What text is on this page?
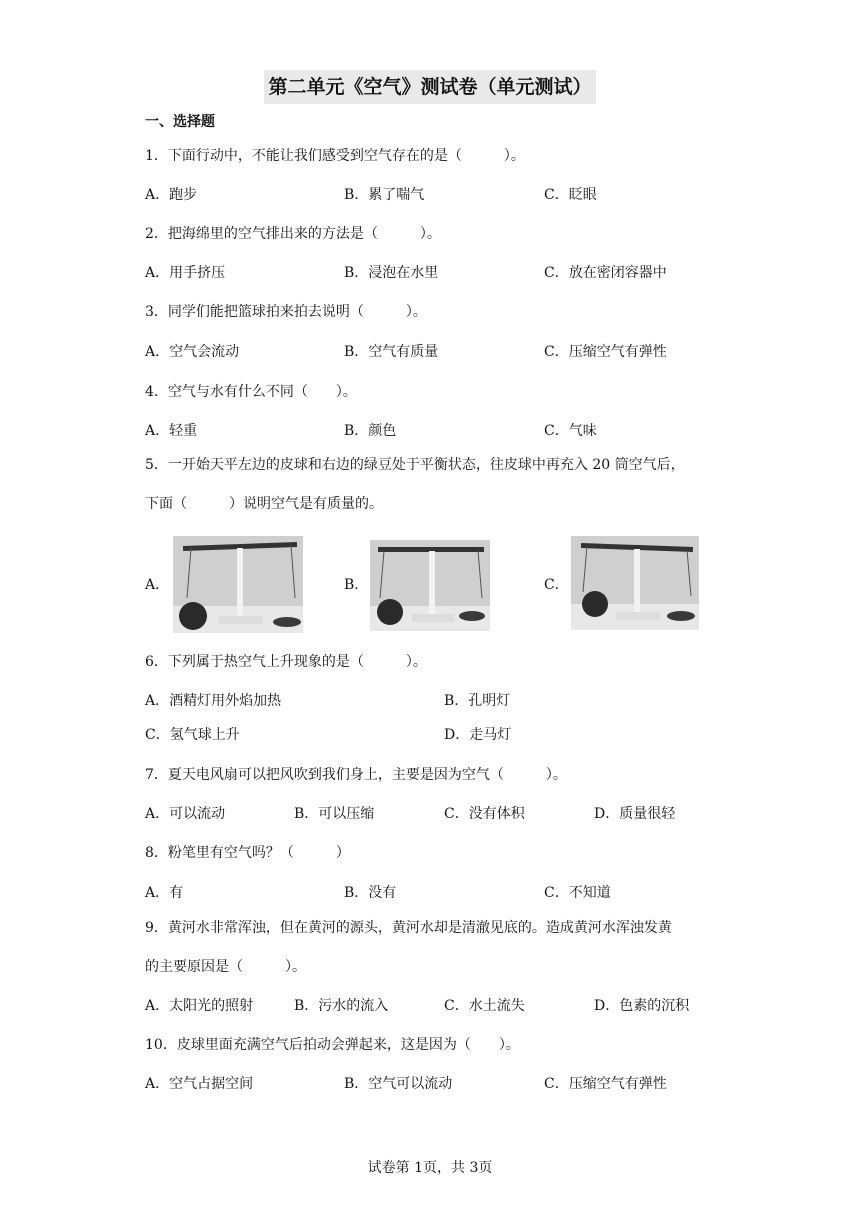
第二单元《空气》测试卷（单元测试）
一、选择题
1．下面行动中，不能让我们感受到空气存在的是（　　　）。
A．跑步	B．累了喘气	C．眨眼
2．把海绵里的空气排出来的方法是（　　　）。
A．用手挤压	B．浸泡在水里	C．放在密闭容器中
3．同学们能把篮球拍来拍去说明（　　　）。
A．空气会流动	B．空气有质量	C．压缩空气有弹性
4．空气与水有什么不同（　　）。
A．轻重	B．颜色	C．气味
5．一开始天平左边的皮球和右边的绿豆处于平衡状态，往皮球中再充入 20 筒空气后，
下面（　　　）说明空气是有质量的。
A．	B．	C．
6．下列属于热空气上升现象的是（　　　）。
A．酒精灯用外焰加热	B．孔明灯
C．氢气球上升	D．走马灯
7．夏天电风扇可以把风吹到我们身上，主要是因为空气（　　　）。
A．可以流动	B．可以压缩	C．没有体积	D．质量很轻
8．粉笔里有空气吗？（　　　）
A．有	B．没有	C．不知道
9．黄河水非常浑浊，但在黄河的源头，黄河水却是清澈见底的。造成黄河水浑浊发黄
的主要原因是（　　　）。
A．太阳光的照射	B．污水的流入	C．水土流失	D．色素的沉积
10．皮球里面充满空气后拍动会弹起来，这是因为（　　）。
A．空气占据空间	B．空气可以流动	C．压缩空气有弹性
试卷第 1页，共 3页
